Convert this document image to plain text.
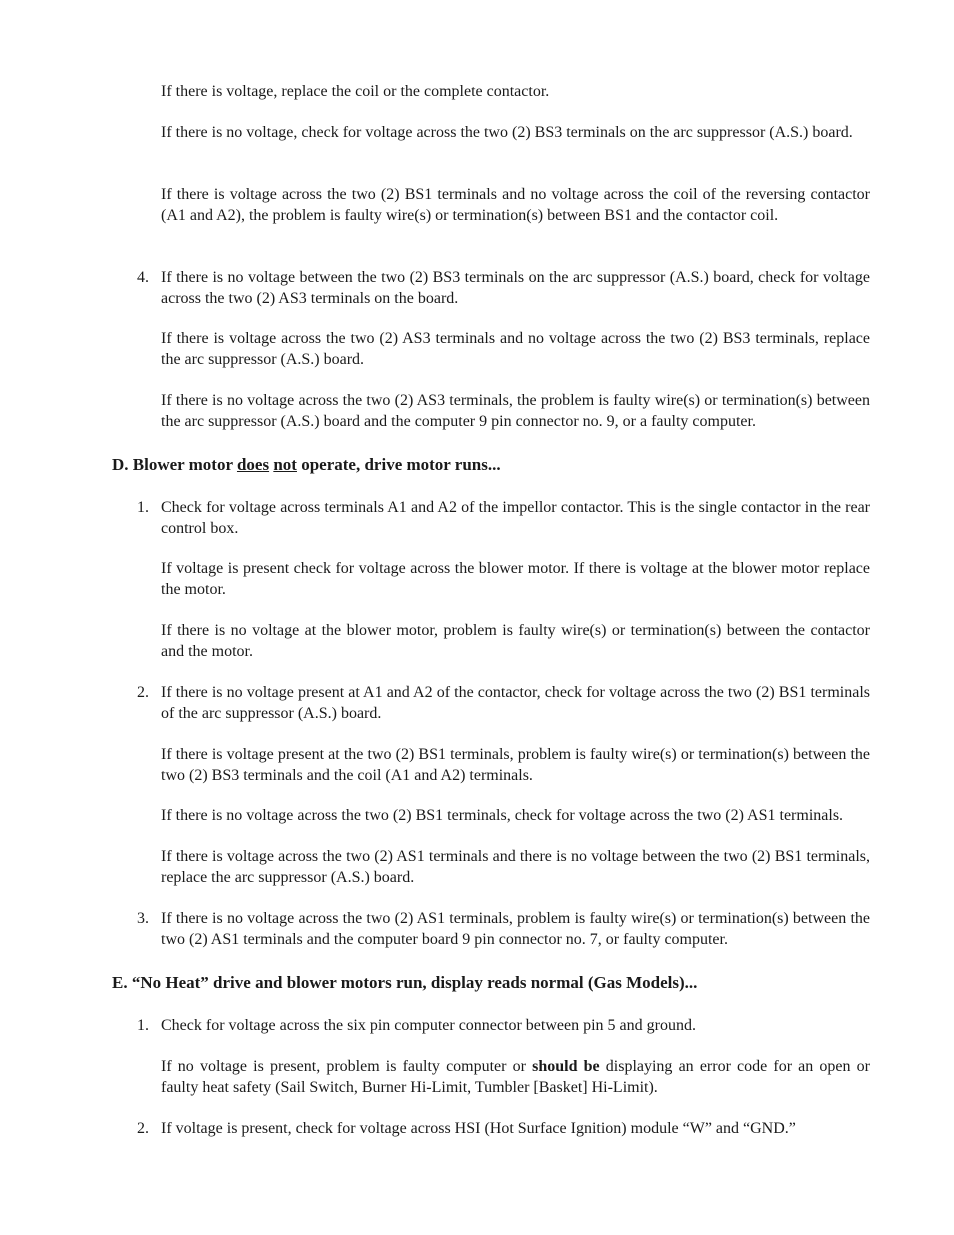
If there is voltage, replace the coil or the complete contactor.

If there is no voltage, check for voltage across the two (2) BS3 terminals on the arc suppressor (A.S.) board.

If there is voltage across the two (2) BS1 terminals and no voltage across the coil of the reversing contactor (A1 and A2), the problem is faulty wire(s) or termination(s) between BS1 and the contactor coil.

4. If there is no voltage between the two (2) BS3 terminals on the arc suppressor (A.S.) board, check for voltage across the two (2) AS3 terminals on the board.

If there is voltage across the two (2) AS3 terminals and no voltage across the two (2) BS3 terminals, replace the arc suppressor (A.S.) board.

If there is no voltage across the two (2) AS3 terminals, the problem is faulty wire(s) or termination(s) between the arc suppressor (A.S.) board and the computer 9 pin connector no. 9, or a faulty computer.

D. Blower motor does not operate, drive motor runs...
1. Check for voltage across terminals A1 and A2 of the impellor contactor. This is the single contactor in the rear control box.

If voltage is present check for voltage across the blower motor. If there is voltage at the blower motor replace the motor.

If there is no voltage at the blower motor, problem is faulty wire(s) or termination(s) between the contactor and the motor.

2. If there is no voltage present at A1 and A2 of the contactor, check for voltage across the two (2) BS1 terminals of the arc suppressor (A.S.) board.

If there is voltage present at the two (2) BS1 terminals, problem is faulty wire(s) or termination(s) between the two (2) BS3 terminals and the coil (A1 and A2) terminals.

If there is no voltage across the two (2) BS1 terminals, check for voltage across the two (2) AS1 terminals.

If there is voltage across the two (2) AS1 terminals and there is no voltage between the two (2) BS1 terminals, replace the arc suppressor (A.S.) board.

3. If there is no voltage across the two (2) AS1 terminals, problem is faulty wire(s) or termination(s) between the two (2) AS1 terminals and the computer board 9 pin connector no. 7, or faulty computer.

E. “No Heat” drive and blower motors run, display reads normal (Gas Models)...
1. Check for voltage across the six pin computer connector between pin 5 and ground.

If no voltage is present, problem is faulty computer or should be displaying an error code for an open or faulty heat safety (Sail Switch, Burner Hi-Limit, Tumbler [Basket] Hi-Limit).

2. If voltage is present, check for voltage across HSI (Hot Surface Ignition) module “W” and “GND.”
